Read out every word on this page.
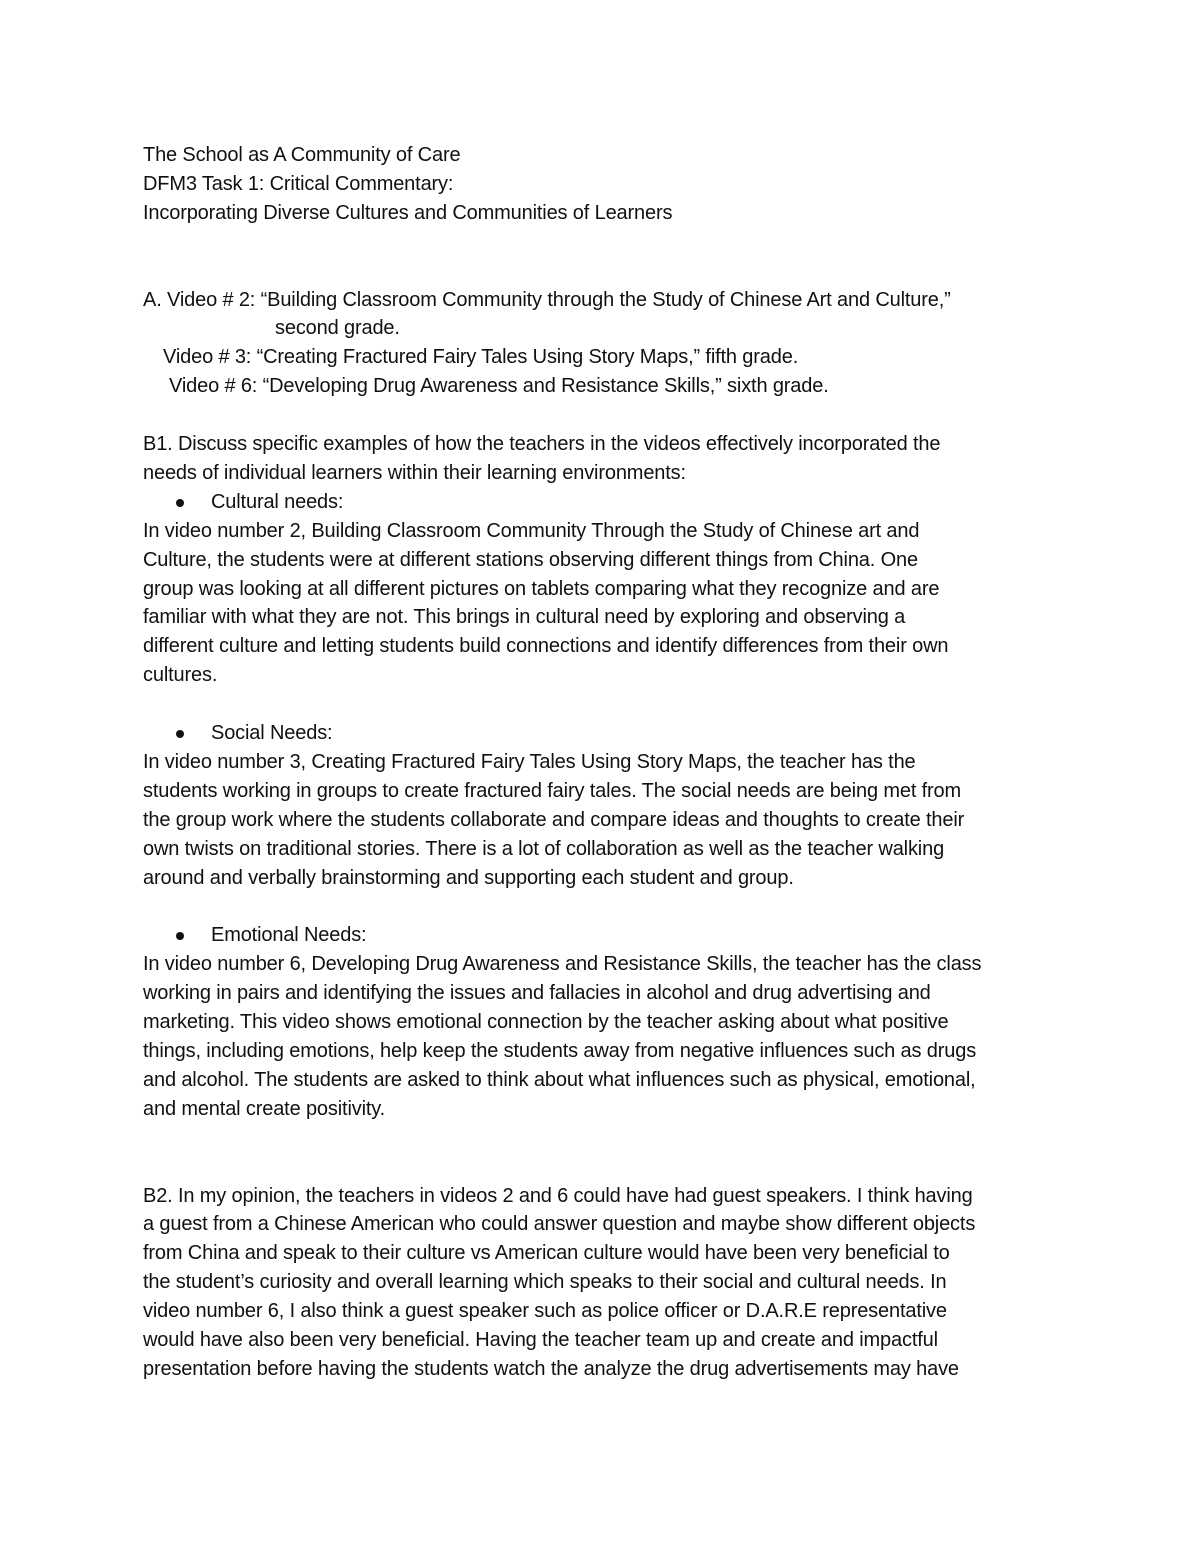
The School as A Community of Care
DFM3 Task 1: Critical Commentary:
Incorporating Diverse Cultures and Communities of Learners
A. Video # 2: “Building Classroom Community through the Study of Chinese Art and Culture,”
second grade.
Video # 3: “Creating Fractured Fairy Tales Using Story Maps,” fifth grade.
Video # 6: “Developing Drug Awareness and Resistance Skills,” sixth grade.
B1. Discuss specific examples of how the teachers in the videos effectively incorporated the
needs of individual learners within their learning environments:
Cultural needs:
In video number 2, Building Classroom Community Through the Study of Chinese art and
Culture, the students were at different stations observing different things from China. One
group was looking at all different pictures on tablets comparing what they recognize and are
familiar with what they are not. This brings in cultural need by exploring and observing a
different culture and letting students build connections and identify differences from their own
cultures.
Social Needs:
In video number 3, Creating Fractured Fairy Tales Using Story Maps, the teacher has the
students working in groups to create fractured fairy tales. The social needs are being met from
the group work where the students collaborate and compare ideas and thoughts to create their
own twists on traditional stories. There is a lot of collaboration as well as the teacher walking
around and verbally brainstorming and supporting each student and group.
Emotional Needs:
In video number 6, Developing Drug Awareness and Resistance Skills, the teacher has the class
working in pairs and identifying the issues and fallacies in alcohol and drug advertising and
marketing. This video shows emotional connection by the teacher asking about what positive
things, including emotions, help keep the students away from negative influences such as drugs
and alcohol. The students are asked to think about what influences such as physical, emotional,
and mental create positivity.
B2. In my opinion, the teachers in videos 2 and 6 could have had guest speakers. I think having
a guest from a Chinese American who could answer question and maybe show different objects
from China and speak to their culture vs American culture would have been very beneficial to
the student’s curiosity and overall learning which speaks to their social and cultural needs. In
video number 6, I also think a guest speaker such as police officer or D.A.R.E representative
would have also been very beneficial. Having the teacher team up and create and impactful
presentation before having the students watch the analyze the drug advertisements may have
